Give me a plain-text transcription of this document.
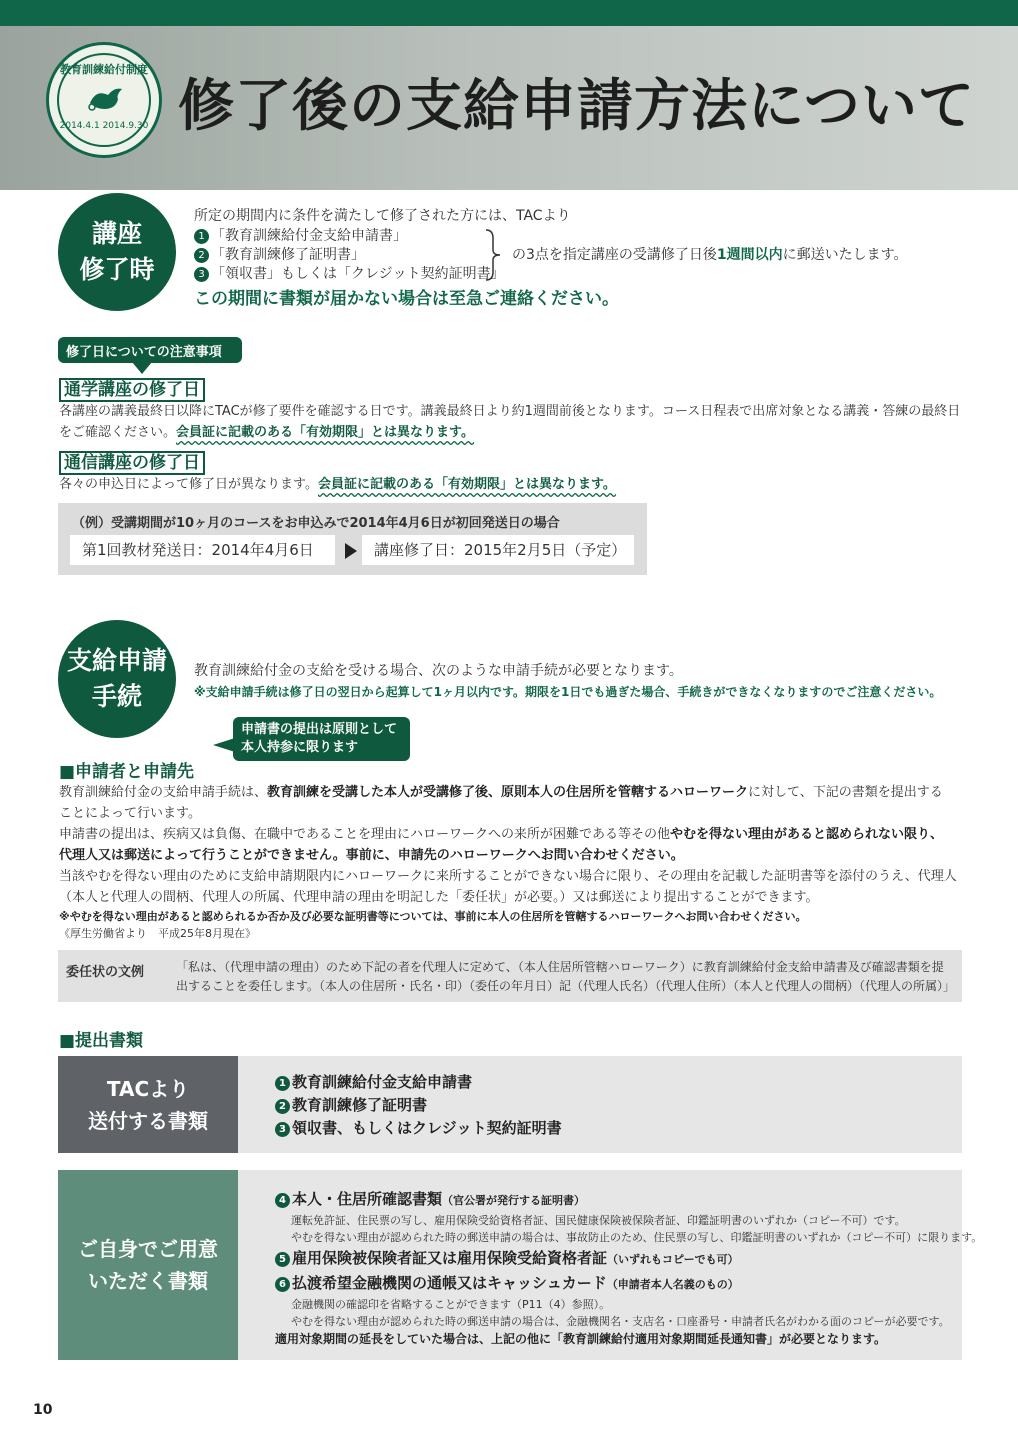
教育訓練給付制度
2014.4.1 2014.9.30 修了後の支給申請方法について
講座
修了時
所定の期間内に条件を満たして修了された方には、TACより
1 「教育訓練給付金支給申請書」
2 「教育訓練修了証明書」
3 「領収書」もしくは「クレジット契約証明書」
の3点を指定講座の受講修了日後1週間以内に郵送いたします。
この期間に書類が届かない場合は至急ご連絡ください。
修了日についての注意事項
通学講座の修了日
各講座の講義最終日以降にTACが修了要件を確認する日です。講義最終日より約1週間前後となります。コース日程表で出席対象となる講義・答練の最終日
をご確認ください。会員証に記載のある「有効期限」とは異なります。
通信講座の修了日
各々の申込日によって修了日が異なります。会員証に記載のある「有効期限」とは異なります。
（例）受講期間が10ヶ月のコースをお申込みで2014年4月6日が初回発送日の場合
第1回教材発送日：2014年4月6日	講座修了日：2015年2月5日（予定）
支給申請
手続
教育訓練給付金の支給を受ける場合、次のような申請手続が必要となります。
※支給申請手続は修了日の翌日から起算して1ヶ月以内です。期限を1日でも過ぎた場合、手続きができなくなりますのでご注意ください。
申請書の提出は原則として
本人持参に限ります
■申請者と申請先
教育訓練給付金の支給申請手続は、教育訓練を受講した本人が受講修了後、原則本人の住居所を管轄するハローワークに対して、下記の書類を提出する
ことによって行います。
申請書の提出は、疾病又は負傷、在職中であることを理由にハローワークへの来所が困難である等その他やむを得ない理由があると認められない限り、
代理人又は郵送によって行うことができません。事前に、申請先のハローワークへお問い合わせください。
当該やむを得ない理由のために支給申請期限内にハローワークに来所することができない場合に限り、その理由を記載した証明書等を添付のうえ、代理人
（本人と代理人の間柄、代理人の所属、代理申請の理由を明記した「委任状」が必要。）又は郵送により提出することができます。
※やむを得ない理由があると認められるか否か及び必要な証明書等については、事前に本人の住居所を管轄するハローワークへお問い合わせください。
《厚生労働省より　平成25年8月現在》
委任状の文例	「私は、（代理申請の理由）のため下記の者を代理人に定めて、（本人住居所管轄ハローワーク）に教育訓練給付金支給申請書及び確認書類を提出することを委任します。（本人の住居所・氏名・印）（委任の年月日）記（代理人氏名）（代理人住所）（本人と代理人の間柄）（代理人の所属）」
■提出書類
TACより
送付する書類
1 教育訓練給付金支給申請書
2 教育訓練修了証明書
3 領収書、もしくはクレジット契約証明書
ご自身でご用意
いただく書類
4 本人・住居所確認書類（官公署が発行する証明書）
運転免許証、住民票の写し、雇用保険受給資格者証、国民健康保険被保険者証、印鑑証明書のいずれか（コピー不可）です。
やむを得ない理由が認められた時の郵送申請の場合は、事故防止のため、住民票の写し、印鑑証明書のいずれか（コピー不可）に限ります。
5 雇用保険被保険者証又は雇用保険受給資格者証（いずれもコピーでも可）
6 払渡希望金融機関の通帳又はキャッシュカード（申請者本人名義のもの）
金融機関の確認印を省略することができます（P11（4）参照）。
やむを得ない理由が認められた時の郵送申請の場合は、金融機関名・支店名・口座番号・申請者氏名がわかる面のコピーが必要です。
適用対象期間の延長をしていた場合は、上記の他に「教育訓練給付適用対象期間延長通知書」が必要となります。
10
